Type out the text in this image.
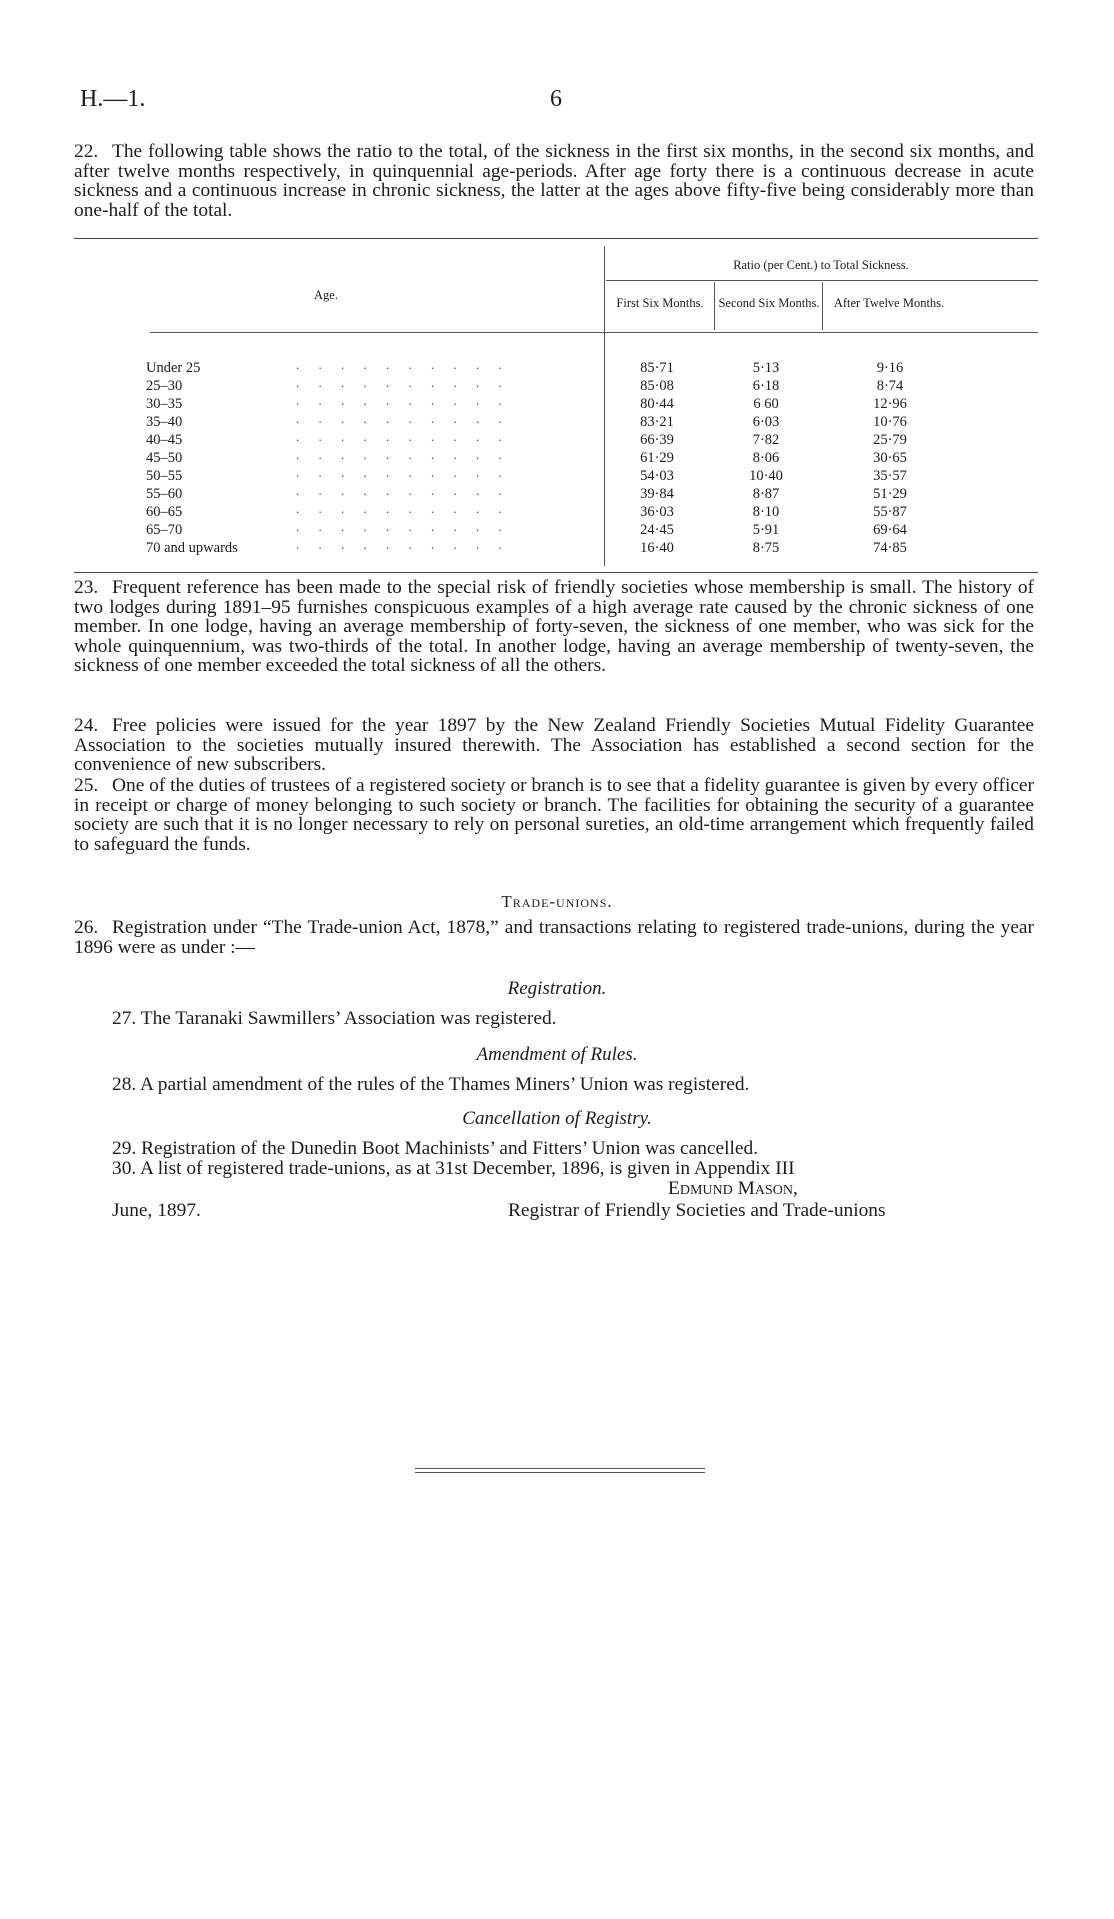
H.—1.	6
22. The following table shows the ratio to the total, of the sickness in the first six months, in the second six months, and after twelve months respectively, in quinquennial age-periods. After age forty there is a continuous decrease in acute sickness and a continuous increase in chronic sickness, the latter at the ages above fifty-five being considerably more than one-half of the total.
Age.
Ratio (per Cent.) to Total Sickness.
First Six Months.	Second Six Months.	After Twelve Months.
Under 25	. . . . . . . . . .	85·71	5·13	9·16
25–30	. . . . . . . . . .	85·08	6·18	8·74
30–35	. . . . . . . . . .	80·44	6 60	12·96
35–40	. . . . . . . . . .	83·21	6·03	10·76
40–45	. . . . . . . . . .	66·39	7·82	25·79
45–50	. . . . . . . . . .	61·29	8·06	30·65
50–55	. . . . . . . . . .	54·03	10·40	35·57
55–60	. . . . . . . . . .	39·84	8·87	51·29
60–65	. . . . . . . . . .	36·03	8·10	55·87
65–70	. . . . . . . . . .	24·45	5·91	69·64
70 and upwards	. . . . . . . . . .	16·40	8·75	74·85
23. Frequent reference has been made to the special risk of friendly societies whose membership is small. The history of two lodges during 1891–95 furnishes conspicuous examples of a high average rate caused by the chronic sickness of one member. In one lodge, having an average membership of forty-seven, the sickness of one member, who was sick for the whole quinquennium, was two-thirds of the total. In another lodge, having an average membership of twenty-seven, the sickness of one member exceeded the total sickness of all the others.
24. Free policies were issued for the year 1897 by the New Zealand Friendly Societies Mutual Fidelity Guarantee Association to the societies mutually insured therewith. The Association has established a second section for the convenience of new subscribers.
25. One of the duties of trustees of a registered society or branch is to see that a fidelity guarantee is given by every officer in receipt or charge of money belonging to such society or branch. The facilities for obtaining the security of a guarantee society are such that it is no longer necessary to rely on personal sureties, an old-time arrangement which frequently failed to safeguard the funds.
Trade-unions.
26. Registration under “The Trade-union Act, 1878,” and transactions relating to registered trade-unions, during the year 1896 were as under :—
Registration.
27. The Taranaki Sawmillers’ Association was registered.
Amendment of Rules.
28. A partial amendment of the rules of the Thames Miners’ Union was registered.
Cancellation of Registry.
29. Registration of the Dunedin Boot Machinists’ and Fitters’ Union was cancelled.
30. A list of registered trade-unions, as at 31st December, 1896, is given in Appendix III
Edmund Mason,
June, 1897.	Registrar of Friendly Societies and Trade-unions
